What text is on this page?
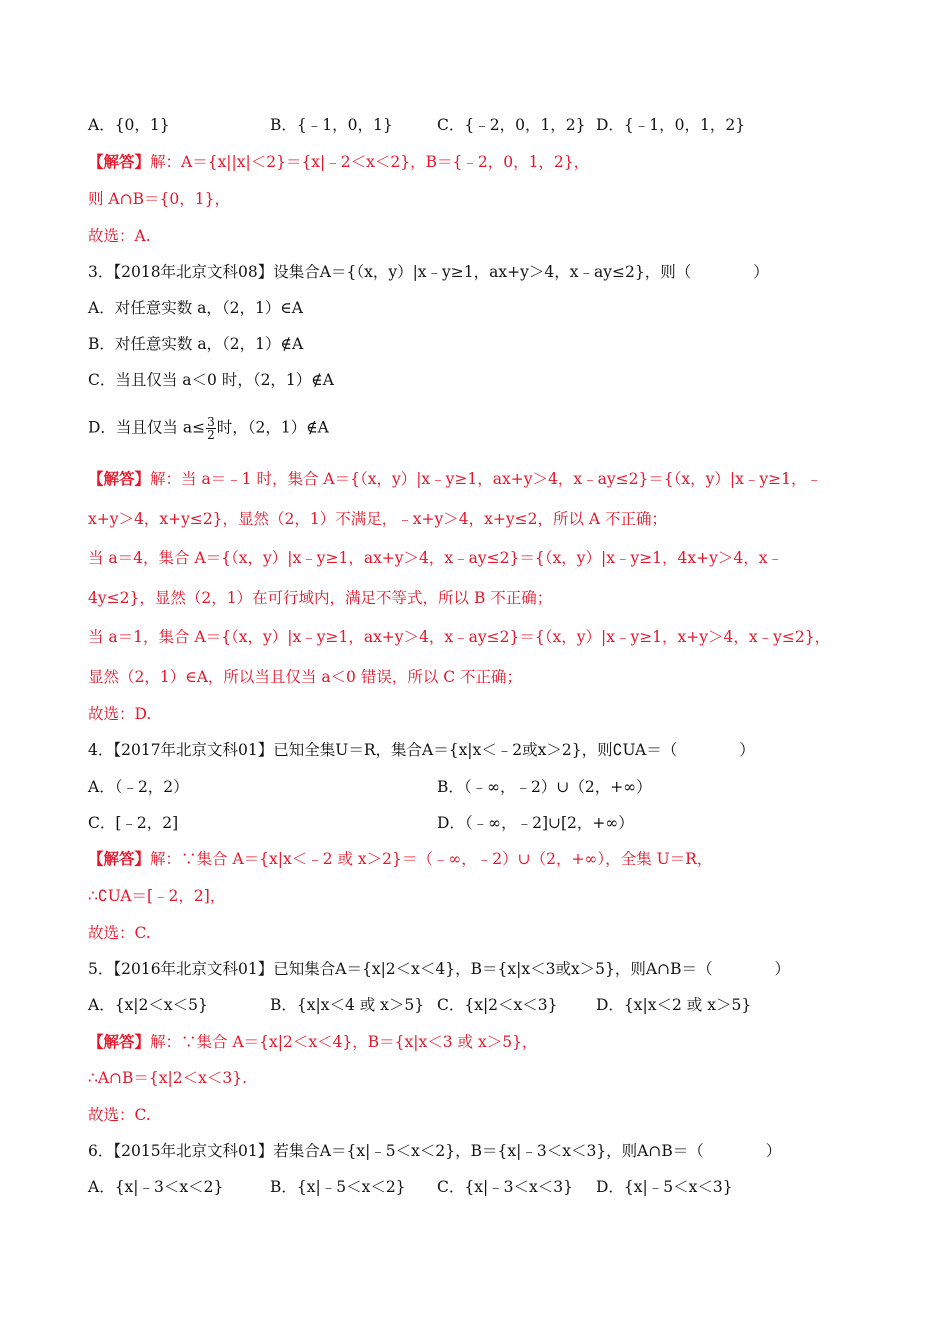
A．{0，1}	B．{﹣1，0，1}	C．{﹣2，0，1，2} D．{﹣1，0，1，2}
【解答】解：A＝{x||x|＜2}＝{x|﹣2＜x＜2}，B＝{﹣2，0，1，2}，
则 A∩B＝{0，1}，
故选：A.
3．【2018年北京文科08】设集合A＝{（x，y）|x﹣y≥1，ax+y＞4，x﹣ay≤2}，则（　　　　）
A．对任意实数 a，（2，1）∈A
B．对任意实数 a，（2，1）∉A
C．当且仅当 a＜0 时，（2，1）∉A
D．当且仅当 $a\le \frac{3}{2}$ 时，（2，1）∉A
【解答】解：当 a＝﹣1 时，集合 A＝{（x，y）|x﹣y≥1，ax+y＞4，x﹣ay≤2}＝{（x，y）|x﹣y≥1，﹣
x+y＞4，x+y≤2}，显然（2，1）不满足，﹣x+y＞4，x+y≤2，所以 A 不正确；
当 a＝4，集合 A＝{（x，y）|x﹣y≥1，ax+y＞4，x﹣ay≤2}＝{（x，y）|x﹣y≥1，4x+y＞4，x﹣
4y≤2}，显然（2，1）在可行域内，满足不等式，所以 B 不正确；
当 a＝1，集合 A＝{（x，y）|x﹣y≥1，ax+y＞4，x﹣ay≤2}＝{（x，y）|x﹣y≥1，x+y＞4，x﹣y≤2}，
显然（2，1）∈A，所以当且仅当 a＜0 错误，所以 C 不正确；
故选：D.
4．【2017年北京文科01】已知全集U＝R，集合A＝{x|x＜﹣2或x＞2}，则∁UA＝（　　　　）
A．（﹣2，2）	B．（﹣∞，﹣2）∪（2，+∞）
C．[﹣2，2]	D．（﹣∞，﹣2]∪[2，+∞）
【解答】解：∵集合 A＝{x|x＜﹣2 或 x＞2}＝（﹣∞，﹣2）∪（2，+∞），全集 U＝R，
∴∁UA＝[﹣2，2]，
故选：C.
5．【2016年北京文科01】已知集合A＝{x|2＜x＜4}，B＝{x|x＜3或x＞5}，则A∩B＝（　　　　）
A．{x|2＜x＜5}	B．{x|x＜4 或 x＞5} C．{x|2＜x＜3} D．{x|x＜2 或 x＞5}
【解答】解：∵集合 A＝{x|2＜x＜4}，B＝{x|x＜3 或 x＞5}，
∴A∩B＝{x|2＜x＜3}.
故选：C.
6．【2015年北京文科01】若集合A＝{x|﹣5＜x＜2}，B＝{x|﹣3＜x＜3}，则A∩B＝（　　　　）
A．{x|﹣3＜x＜2}	B．{x|﹣5＜x＜2} C．{x|﹣3＜x＜3} D．{x|﹣5＜x＜3}
